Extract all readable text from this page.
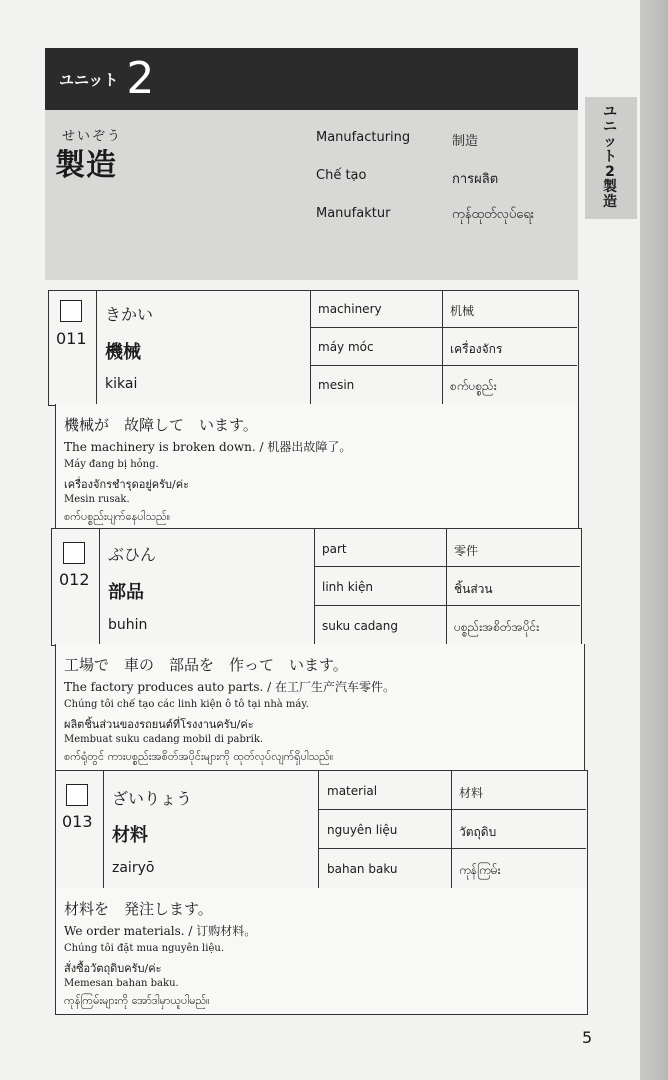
ユニット 2
せいぞう
製造
Manufacturing	制造
Chế tạo	การผลิต
Manufaktur	ကုန်ထုတ်လုပ်ရေး
ユニット2製造
011
きかい
機械
kikai
machinery	机械
máy móc	เครื่องจักร
mesin	စက်ပစ္စည်း
機械が　故障して　います。
The machinery is broken down. / 机器出故障了。
Máy đang bị hỏng.
เครื่องจักรชำรุดอยู่ครับ/ค่ะ
Mesin rusak.
စက်ပစ္စည်းပျက်နေပါသည်။
012
ぶひん
部品
buhin
part	零件
linh kiện	ชิ้นส่วน
suku cadang	ပစ္စည်းအစိတ်အပိုင်း
工場で　車の　部品を　作って　います。
The factory produces auto parts. / 在工厂生产汽车零件。
Chúng tôi chế tạo các linh kiện ô tô tại nhà máy.
ผลิตชิ้นส่วนของรถยนต์ที่โรงงานครับ/ค่ะ
Membuat suku cadang mobil di pabrik.
စက်ရုံတွင် ကားပစ္စည်းအစိတ်အပိုင်းများကို ထုတ်လုပ်လျက်ရှိပါသည်။
013
ざいりょう
材料
zairyō
material	材料
nguyên liệu	วัตถุดิบ
bahan baku	ကုန်ကြမ်း
材料を　発注します。
We order materials. / 订购材料。
Chúng tôi đặt mua nguyên liệu.
สั่งซื้อวัตถุดิบครับ/ค่ะ
Memesan bahan baku.
ကုန်ကြမ်းများကို အော်ဒါမှာယူပါမည်။
5
